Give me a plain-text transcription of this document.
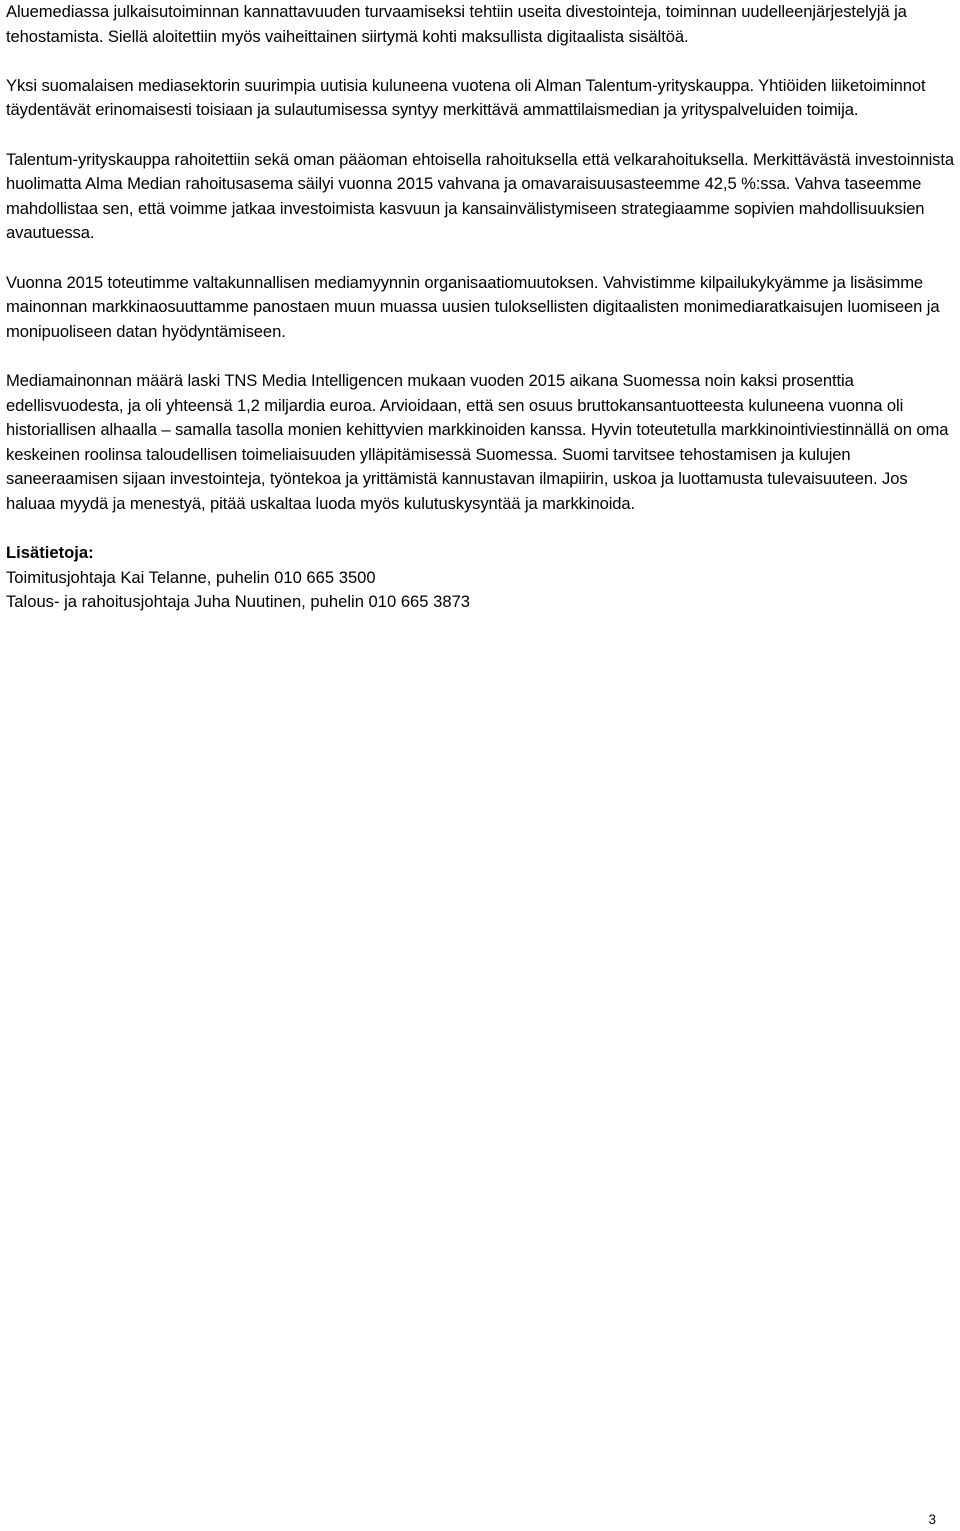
Aluemediassa julkaisutoiminnan kannattavuuden turvaamiseksi tehtiin useita divestointeja, toiminnan uudelleenjärjestelyjä ja tehostamista. Siellä aloitettiin myös vaiheittainen siirtymä kohti maksullista digitaalista sisältöä.

Yksi suomalaisen mediasektorin suurimpia uutisia kuluneena vuotena oli Alman Talentum-yrityskauppa. Yhtiöiden liiketoiminnot täydentävät erinomaisesti toisiaan ja sulautumisessa syntyy merkittävä ammattilaismedian ja yrityspalveluiden toimija.

Talentum-yrityskauppa rahoitettiin sekä oman pääoman ehtoisella rahoituksella että velkarahoituksella. Merkittävästä investoinnista huolimatta Alma Median rahoitusasema säilyi vuonna 2015 vahvana ja omavaraisuusasteemme 42,5 %:ssa. Vahva taseemme mahdollistaa sen, että voimme jatkaa investoimista kasvuun ja kansainvälistymiseen strategiaamme sopivien mahdollisuuksien avautuessa.

Vuonna 2015 toteutimme valtakunnallisen mediamyynnin organisaatiomuutoksen. Vahvistimme kilpailukykyämme ja lisäsimme mainonnan markkinaosuuttamme panostaen muun muassa uusien tuloksellisten digitaalisten monimediaratkaisujen luomiseen ja monipuoliseen datan hyödyntämiseen.

Mediamainonnan määrä laski TNS Media Intelligencen mukaan vuoden 2015 aikana Suomessa noin kaksi prosenttia edellisvuodesta, ja oli yhteensä 1,2 miljardia euroa. Arvioidaan, että sen osuus bruttokansantuotteesta kuluneena vuonna oli historiallisen alhaalla – samalla tasolla monien kehittyvien markkinoiden kanssa. Hyvin toteutetulla markkinointiviestinnällä on oma keskeinen roolinsa taloudellisen toimeliaisuuden ylläpitämisessä Suomessa. Suomi tarvitsee tehostamisen ja kulujen saneeraamisen sijaan investointeja, työntekoa ja yrittämistä kannustavan ilmapiirin, uskoa ja luottamusta tulevaisuuteen. Jos haluaa myydä ja menestyä, pitää uskaltaa luoda myös kulutuskysyntää ja markkinoida.

Lisätietoja:

Toimitusjohtaja Kai Telanne, puhelin 010 665 3500

Talous- ja rahoitusjohtaja Juha Nuutinen, puhelin 010 665 3873

3
